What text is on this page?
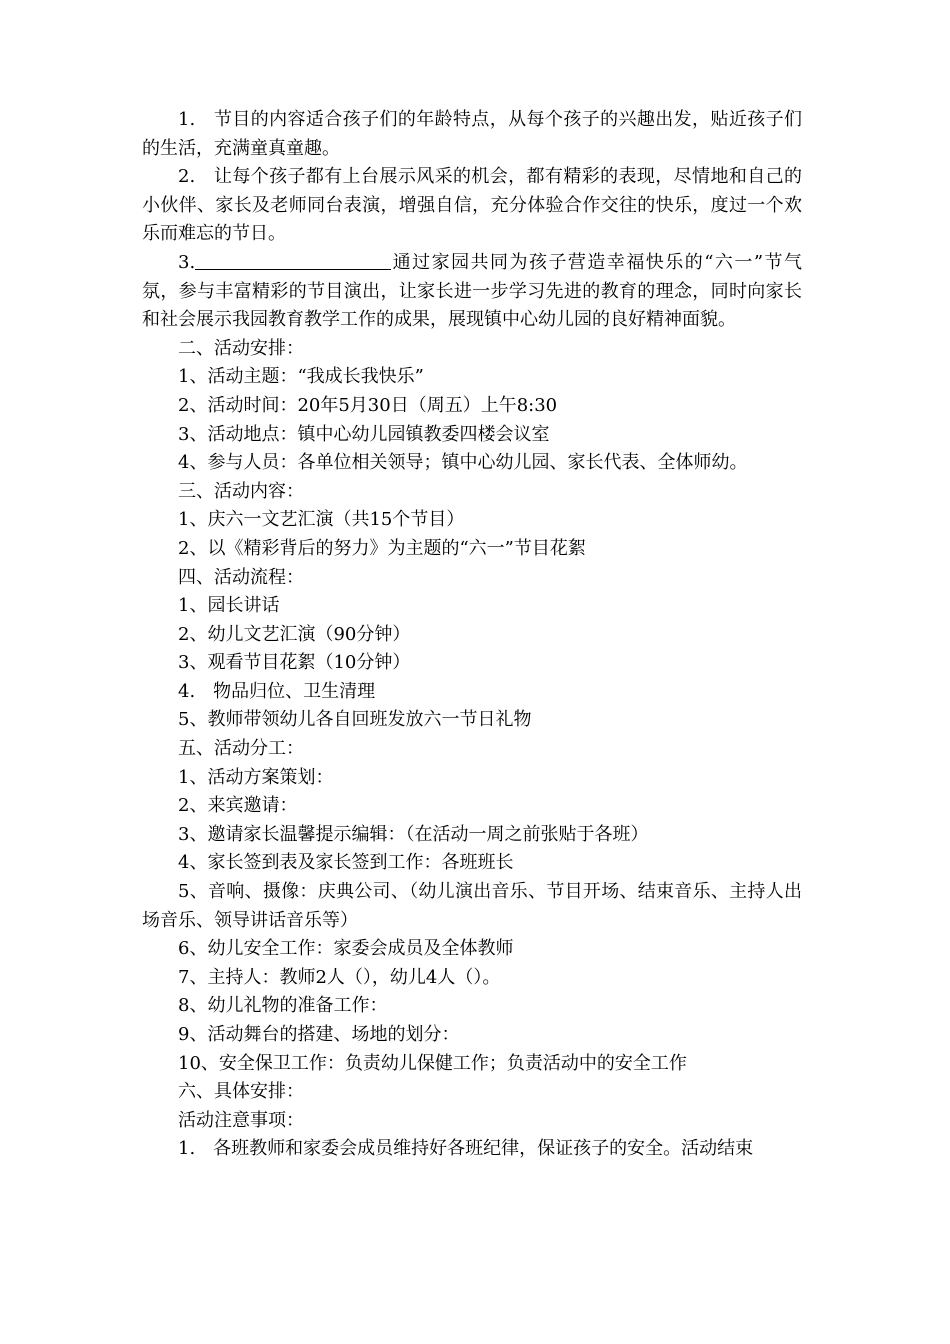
1.　节目的内容适合孩子们的年龄特点，从每个孩子的兴趣出发，贴近孩子们的生活，充满童真童趣。

2.　让每个孩子都有上台展示风采的机会，都有精彩的表现，尽情地和自己的小伙伴、家长及老师同台表演，增强自信，充分体验合作交往的快乐，度过一个欢乐而难忘的节日。

3.	通过家园共同为孩子营造幸福快乐的“六一”节气氛，参与丰富精彩的节目演出，让家长进一步学习先进的教育的理念，同时向家长和社会展示我园教育教学工作的成果，展现镇中心幼儿园的良好精神面貌。

二、活动安排：

1、活动主题：“我成长我快乐”

2、活动时间：20年5月30日（周五）上午8:30

3、活动地点：镇中心幼儿园镇教委四楼会议室

4、参与人员：各单位相关领导；镇中心幼儿园、家长代表、全体师幼。

三、活动内容：

1、庆六一文艺汇演（共15个节目）

2、以《精彩背后的努力》为主题的“六一”节目花絮

四、活动流程：

1、园长讲话

2、幼儿文艺汇演（90分钟）

3、观看节目花絮（10分钟）

4.　物品归位、卫生清理

5、教师带领幼儿各自回班发放六一节日礼物

五、活动分工：

1、活动方案策划：

2、来宾邀请：

3、邀请家长温馨提示编辑：（在活动一周之前张贴于各班）

4、家长签到表及家长签到工作：各班班长

5、音响、摄像：庆典公司、（幼儿演出音乐、节目开场、结束音乐、主持人出场音乐、领导讲话音乐等）

6、幼儿安全工作：家委会成员及全体教师

7、主持人：教师2人（），幼儿4人（）。

8、幼儿礼物的准备工作：

9、活动舞台的搭建、场地的划分：

10、安全保卫工作：负责幼儿保健工作；负责活动中的安全工作

六、具体安排：

活动注意事项：

1.　各班教师和家委会成员维持好各班纪律，保证孩子的安全。活动结束
